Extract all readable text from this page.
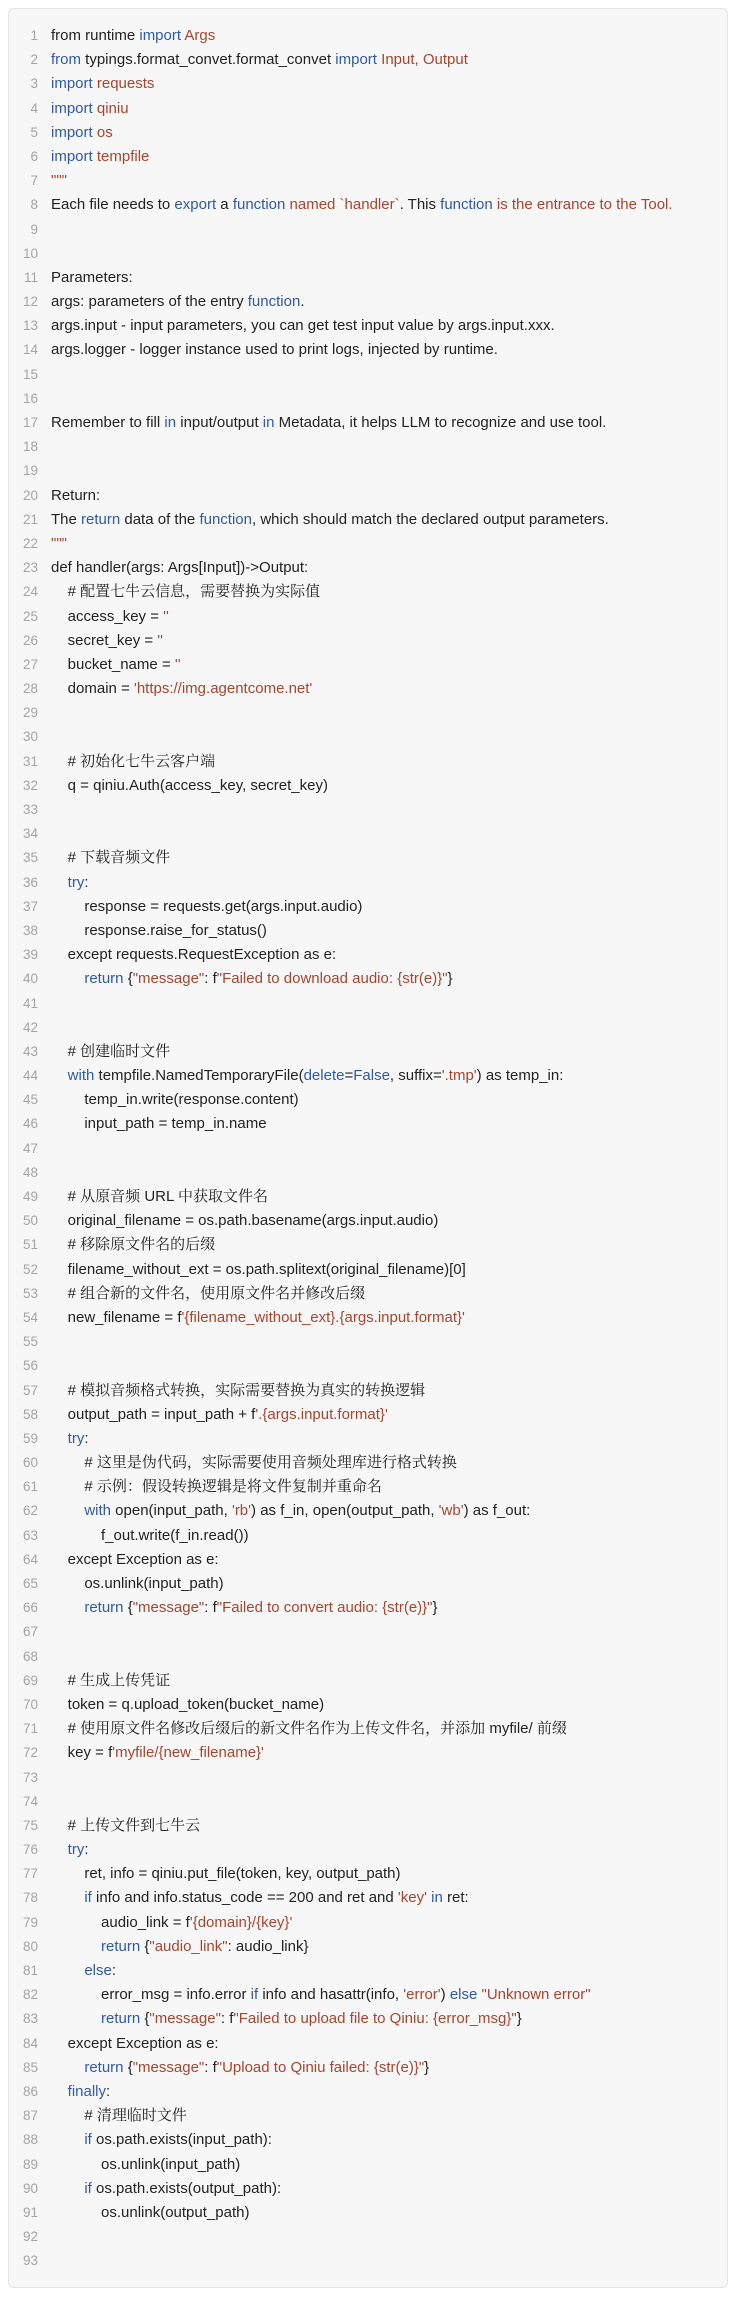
1 from runtime import Args
2 from typings.format_convet.format_convet import Input, Output
3 import requests
4 import qiniu
5 import os
6 import tempfile
7 """
8 Each file needs to export a function named `handler`. This function is the entrance to the Tool.
9
10
11 Parameters:
12 args: parameters of the entry function.
13 args.input - input parameters, you can get test input value by args.input.xxx.
14 args.logger - logger instance used to print logs, injected by runtime.
15
16
17 Remember to fill in input/output in Metadata, it helps LLM to recognize and use tool.
18
19
20 Return:
21 The return data of the function, which should match the declared output parameters.
22 """
23 def handler(args: Args[Input])->Output:
24 # 配置七牛云信息，需要替换为实际值
25 access_key = ''
26 secret_key = ''
27 bucket_name = ''
28 domain = 'https://img.agentcome.net'
29
30
31 # 初始化七牛云客户端
32 q = qiniu.Auth(access_key, secret_key)
33
34
35 # 下载音频文件
36 try:
37 response = requests.get(args.input.audio)
38 response.raise_for_status()
39 except requests.RequestException as e:
40 return {"message": f"Failed to download audio: {str(e)}"}
41
42
43 # 创建临时文件
44 with tempfile.NamedTemporaryFile(delete=False, suffix='.tmp') as temp_in:
45 temp_in.write(response.content)
46 input_path = temp_in.name
47
48
49 # 从原音频 URL 中获取文件名
50 original_filename = os.path.basename(args.input.audio)
51 # 移除原文件名的后缀
52 filename_without_ext = os.path.splitext(original_filename)[0]
53 # 组合新的文件名，使用原文件名并修改后缀
54 new_filename = f'{filename_without_ext}.{args.input.format}'
55
56
57 # 模拟音频格式转换，实际需要替换为真实的转换逻辑
58 output_path = input_path + f'.{args.input.format}'
59 try:
60 # 这里是伪代码，实际需要使用音频处理库进行格式转换
61 # 示例：假设转换逻辑是将文件复制并重命名
62 with open(input_path, 'rb') as f_in, open(output_path, 'wb') as f_out:
63 f_out.write(f_in.read())
64 except Exception as e:
65 os.unlink(input_path)
66 return {"message": f"Failed to convert audio: {str(e)}"}
67
68
69 # 生成上传凭证
70 token = q.upload_token(bucket_name)
71 # 使用原文件名修改后缀后的新文件名作为上传文件名，并添加 myfile/ 前缀
72 key = f'myfile/{new_filename}'
73
74
75 # 上传文件到七牛云
76 try:
77 ret, info = qiniu.put_file(token, key, output_path)
78 if info and info.status_code == 200 and ret and 'key' in ret:
79 audio_link = f'{domain}/{key}'
80 return {"audio_link": audio_link}
81 else:
82 error_msg = info.error if info and hasattr(info, 'error') else "Unknown error"
83 return {"message": f"Failed to upload file to Qiniu: {error_msg}"}
84 except Exception as e:
85 return {"message": f"Upload to Qiniu failed: {str(e)}"}
86 finally:
87 # 清理临时文件
88 if os.path.exists(input_path):
89 os.unlink(input_path)
90 if os.path.exists(output_path):
91 os.unlink(output_path)
92
93
